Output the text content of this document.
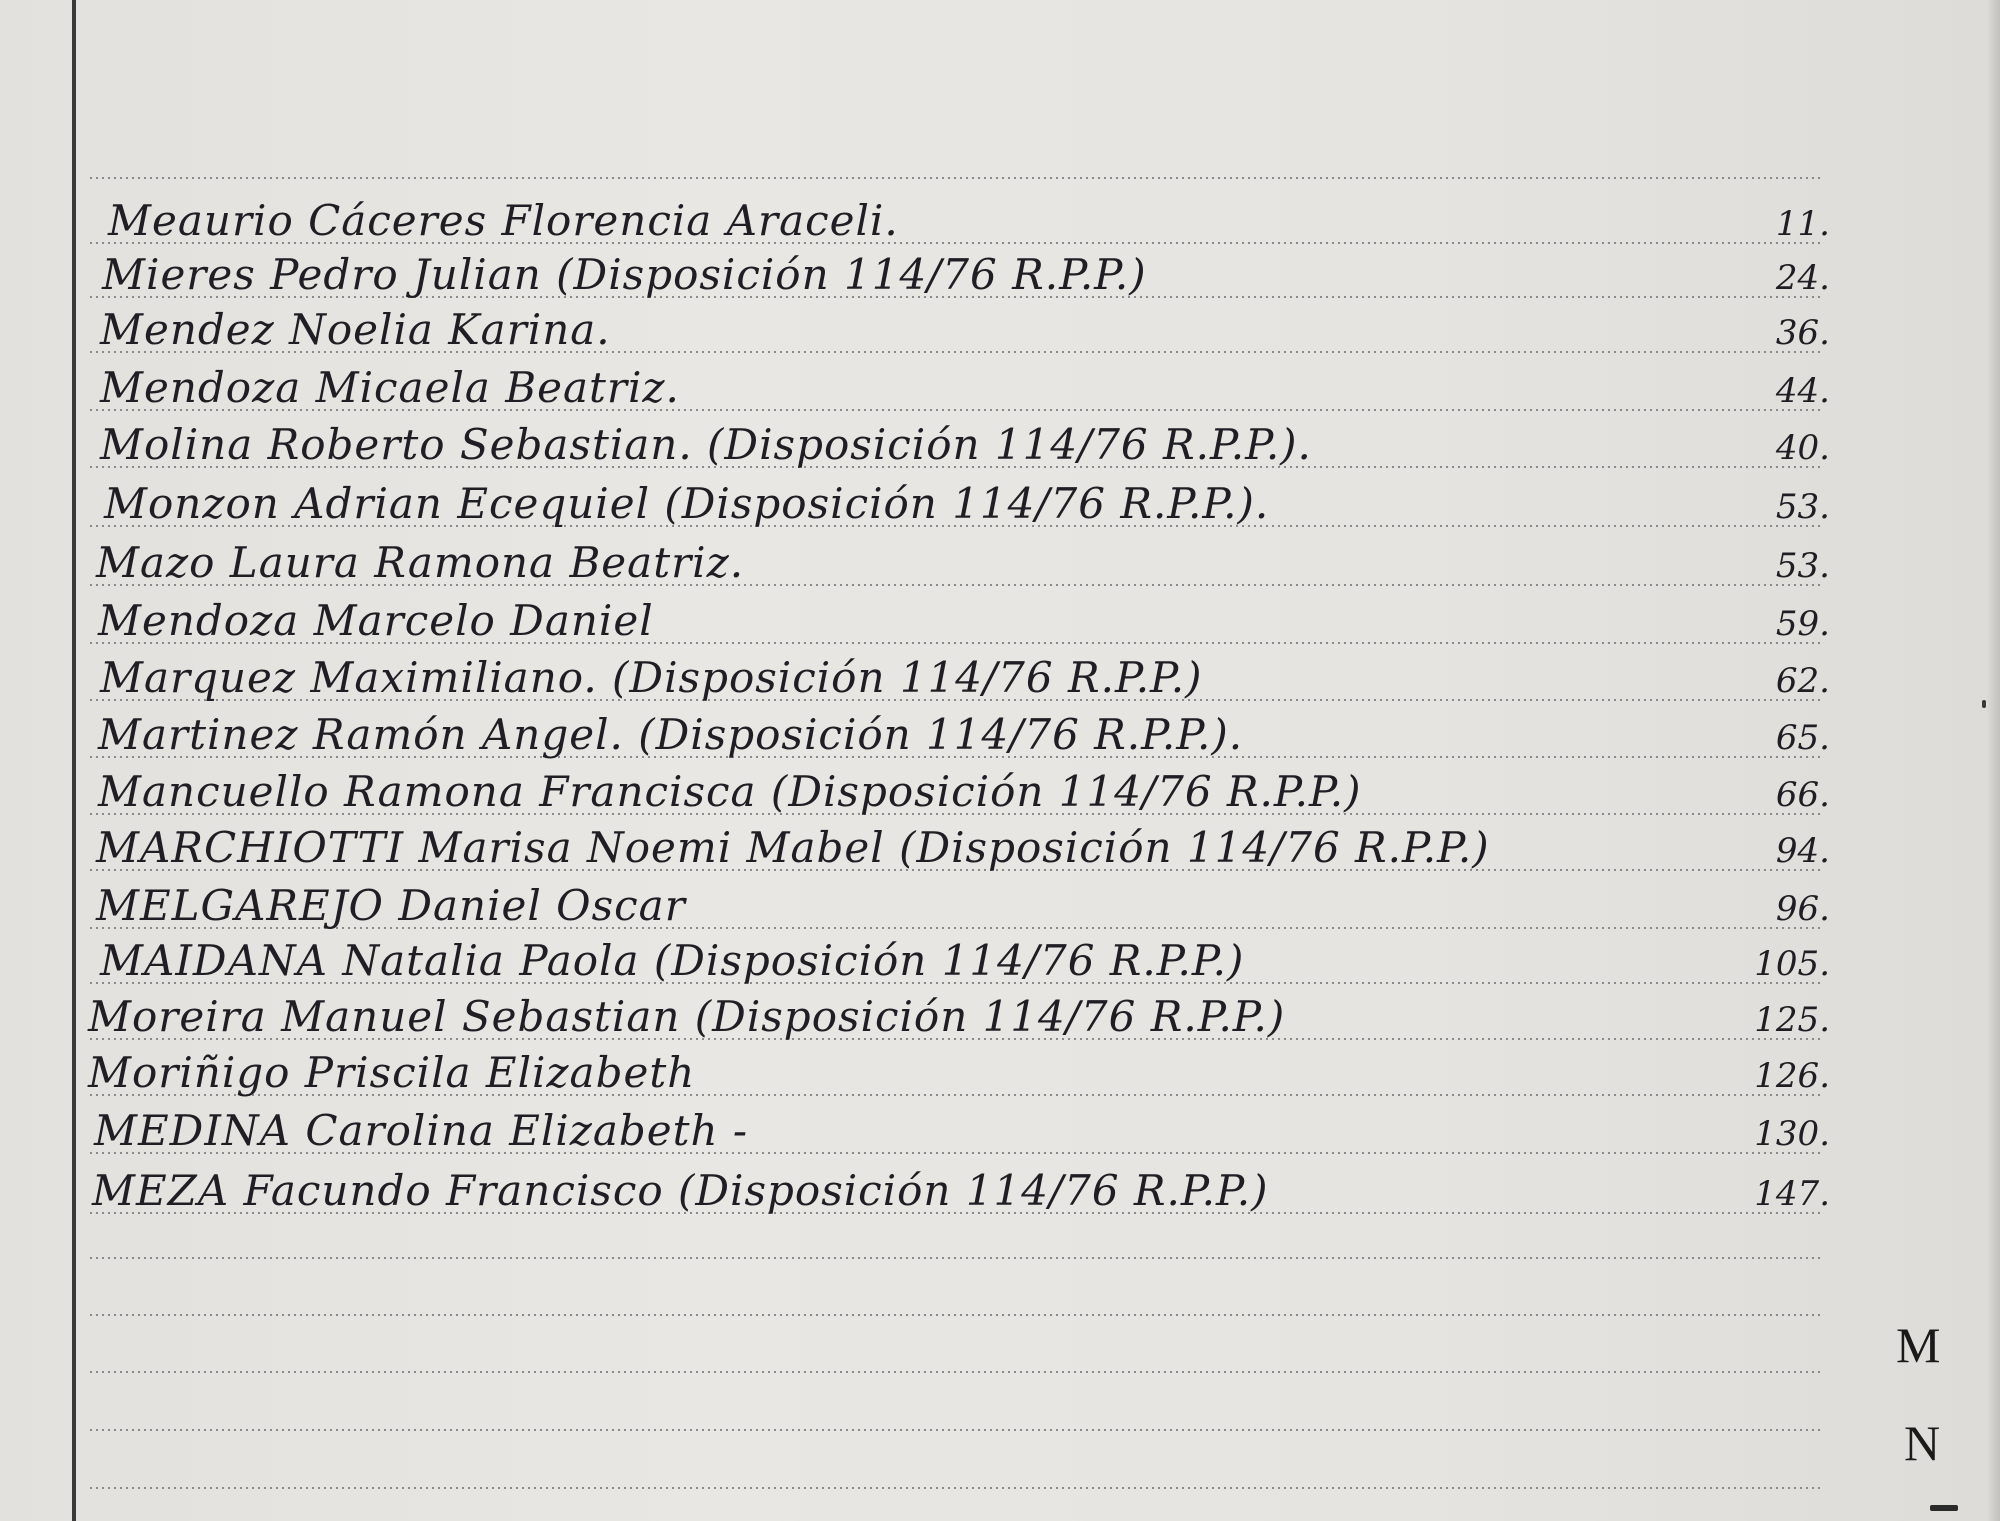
Meaurio Cáceres Florencia Araceli.	11.
Mieres Pedro Julian (Disposición 114/76 R.P.P.)	24.
Mendez Noelia Karina.	36.
Mendoza Micaela Beatriz.	44.
Molina Roberto Sebastian. (Disposición 114/76 R.P.P.).	40.
Monzon Adrian Ecequiel (Disposición 114/76 R.P.P.).	53.
Mazo Laura Ramona Beatriz.	53.
Mendoza Marcelo Daniel	59.
Marquez Maximiliano. (Disposición 114/76 R.P.P.)	62.
Martinez Ramón Angel. (Disposición 114/76 R.P.P.).	65.
Mancuello Ramona Francisca (Disposición 114/76 R.P.P.)	66.
MARCHIOTTI Marisa Noemi Mabel (Disposición 114/76 R.P.P.)	94.
MELGAREJO Daniel Oscar	96.
MAIDANA Natalia Paola (Disposición 114/76 R.P.P.)	105.
Moreira Manuel Sebastian (Disposición 114/76 R.P.P.)	125.
Moriñigo Priscila Elizabeth	126.
MEDINA Carolina Elizabeth -	130.
MEZA Facundo Francisco (Disposición 114/76 R.P.P.)	147.
M
N
